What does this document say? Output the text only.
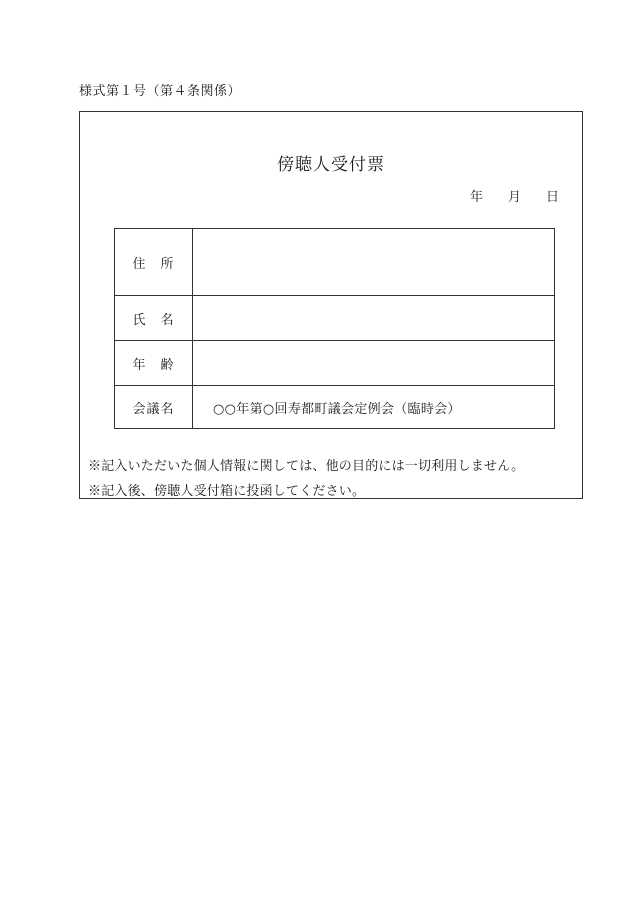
様式第１号（第４条関係）
傍聴人受付票
年	月	日
住　所	
氏　名	
年　齢	
会議名	○○年第○回寿都町議会定例会（臨時会）
※記入いただいた個人情報に関しては、他の目的には一切利用しません。
※記入後、傍聴人受付箱に投函してください。
